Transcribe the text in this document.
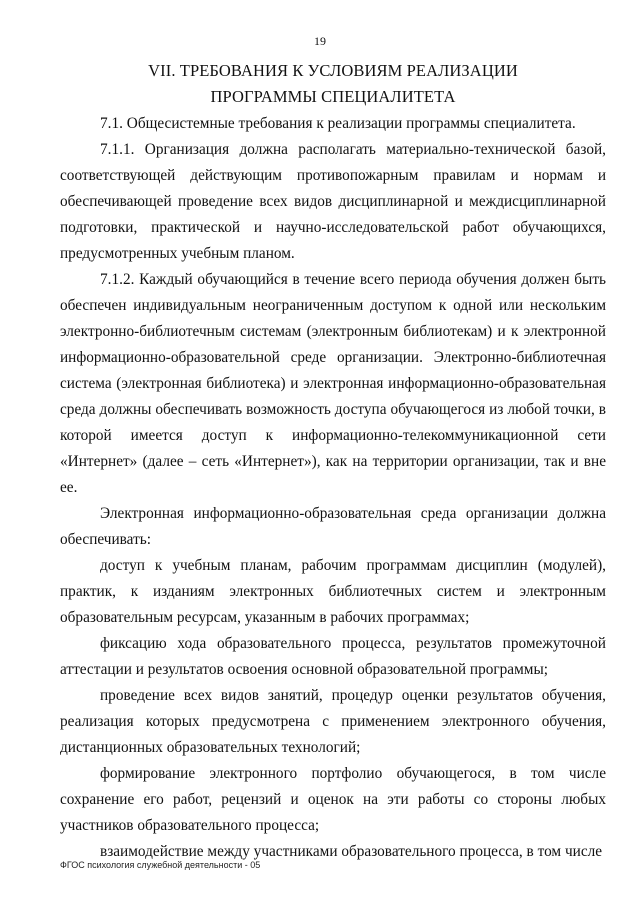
19
VII. ТРЕБОВАНИЯ К УСЛОВИЯМ РЕАЛИЗАЦИИ
ПРОГРАММЫ СПЕЦИАЛИТЕТА

7.1. Общесистемные требования к реализации программы специалитета.

7.1.1. Организация должна располагать материально-технической базой, соответствующей действующим противопожарным правилам и нормам и обеспечивающей проведение всех видов дисциплинарной и междисциплинарной подготовки, практической и научно-исследовательской работ обучающихся, предусмотренных учебным планом.

7.1.2. Каждый обучающийся в течение всего периода обучения должен быть обеспечен индивидуальным неограниченным доступом к одной или нескольким электронно-библиотечным системам (электронным библиотекам) и к электронной информационно-образовательной среде организации. Электронно-библиотечная система (электронная библиотека) и электронная информационно-образовательная среда должны обеспечивать возможность доступа обучающегося из любой точки, в которой имеется доступ к информационно-телекоммуникационной сети «Интернет» (далее – сеть «Интернет»), как на территории организации, так и вне ее.

Электронная информационно-образовательная среда организации должна обеспечивать:

доступ к учебным планам, рабочим программам дисциплин (модулей), практик, к изданиям электронных библиотечных систем и электронным образовательным ресурсам, указанным в рабочих программах;

фиксацию хода образовательного процесса, результатов промежуточной аттестации и результатов освоения основной образовательной программы;

проведение всех видов занятий, процедур оценки результатов обучения, реализация которых предусмотрена с применением электронного обучения, дистанционных образовательных технологий;

формирование электронного портфолио обучающегося, в том числе сохранение его работ, рецензий и оценок на эти работы со стороны любых участников образовательного процесса;

взаимодействие между участниками образовательного процесса, в том числе

ФГОС психология служебной деятельности - 05
